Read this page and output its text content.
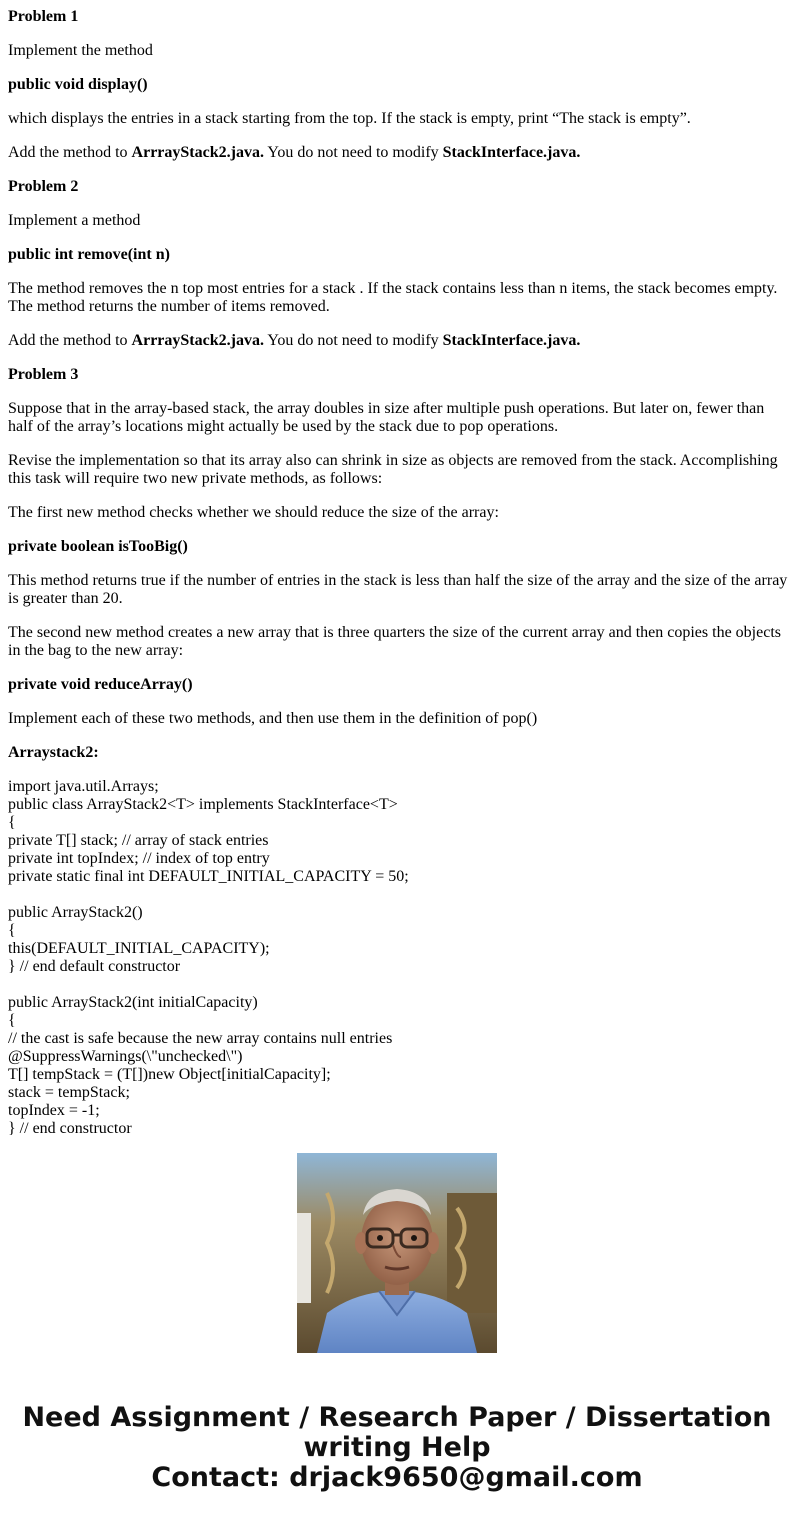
Problem 1

Implement the method

public void display()

which displays the entries in a stack starting from the top. If the stack is empty, print “The stack is empty”.

Add the method to ArrrayStack2.java. You do not need to modify StackInterface.java.

Problem 2

Implement a method

public int remove(int n)

The method removes the n top most entries for a stack . If the stack contains less than n items, the stack becomes empty. The method returns the number of items removed.

Add the method to ArrrayStack2.java. You do not need to modify StackInterface.java.

Problem 3

Suppose that in the array-based stack, the array doubles in size after multiple push operations. But later on, fewer than half of the array’s locations might actually be used by the stack due to pop operations.

Revise the implementation so that its array also can shrink in size as objects are removed from the stack. Accomplishing this task will require two new private methods, as follows:

The first new method checks whether we should reduce the size of the array:

private boolean isTooBig()

This method returns true if the number of entries in the stack is less than half the size of the array and the size of the array is greater than 20.

The second new method creates a new array that is three quarters the size of the current array and then copies the objects in the bag to the new array:

private void reduceArray()

Implement each of these two methods, and then use them in the definition of pop()

Arraystack2:

import java.util.Arrays;
public class ArrayStack2<T> implements StackInterface<T>
{
private T[] stack; // array of stack entries
private int topIndex; // index of top entry
private static final int DEFAULT_INITIAL_CAPACITY = 50;

public ArrayStack2()
{
this(DEFAULT_INITIAL_CAPACITY);
} // end default constructor

public ArrayStack2(int initialCapacity)
{
// the cast is safe because the new array contains null entries
@SuppressWarnings(\"unchecked\")
T[] tempStack = (T[])new Object[initialCapacity];
stack = tempStack;
topIndex = -1;
} // end constructor
Need Assignment / Research Paper / Dissertation
writing Help
Contact: drjack9650@gmail.com
